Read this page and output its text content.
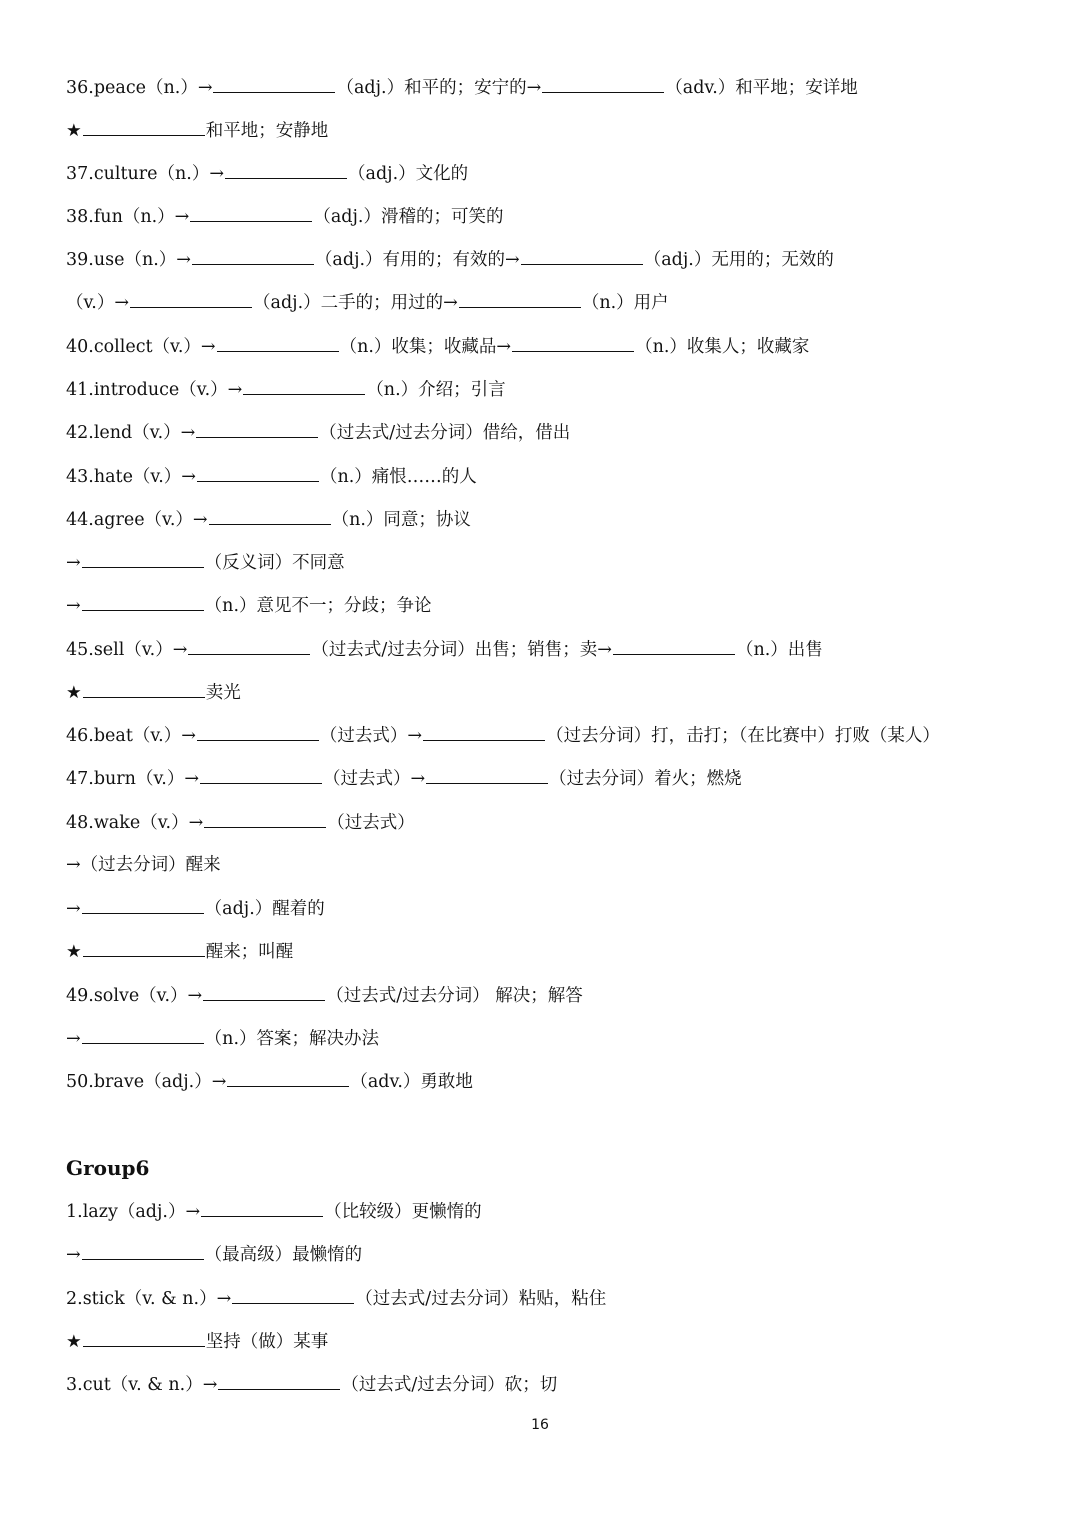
36.peace（n.）→	（adj.）和平的；安宁的→	（adv.）和平地；安详地
★	和平地；安静地
37.culture（n.）→	（adj.）文化的
38.fun（n.）→	（adj.）滑稽的；可笑的
39.use（n.）→	（adj.）有用的；有效的→	（adj.）无用的；无效的
（v.）→	（adj.）二手的；用过的→	（n.）用户
40.collect（v.）→	（n.）收集；收藏品→	（n.）收集人；收藏家
41.introduce（v.）→	（n.）介绍；引言
42.lend（v.）→	（过去式/过去分词）借给，借出
43.hate（v.）→	（n.）痛恨……的人
44.agree（v.）→	（n.）同意；协议
→	（反义词）不同意
→	（n.）意见不一；分歧；争论
45.sell（v.）→	（过去式/过去分词）出售；销售；卖→	（n.）出售
★	卖光
46.beat（v.）→	（过去式）→	（过去分词）打，击打；（在比赛中）打败（某人）
47.burn（v.）→	（过去式）→	（过去分词）着火；燃烧
48.wake（v.）→	（过去式）
→（过去分词）醒来
→	（adj.）醒着的
★	醒来；叫醒
49.solve（v.）→	（过去式/过去分词） 解决；解答
→	（n.）答案；解决办法
50.brave（adj.）→	（adv.）勇敢地
Group6
1.lazy（adj.）→	（比较级）更懒惰的
→	（最高级）最懒惰的
2.stick（v. & n.）→	（过去式/过去分词）粘贴，粘住
★	坚持（做）某事
3.cut（v. & n.）→	（过去式/过去分词）砍；切
16
